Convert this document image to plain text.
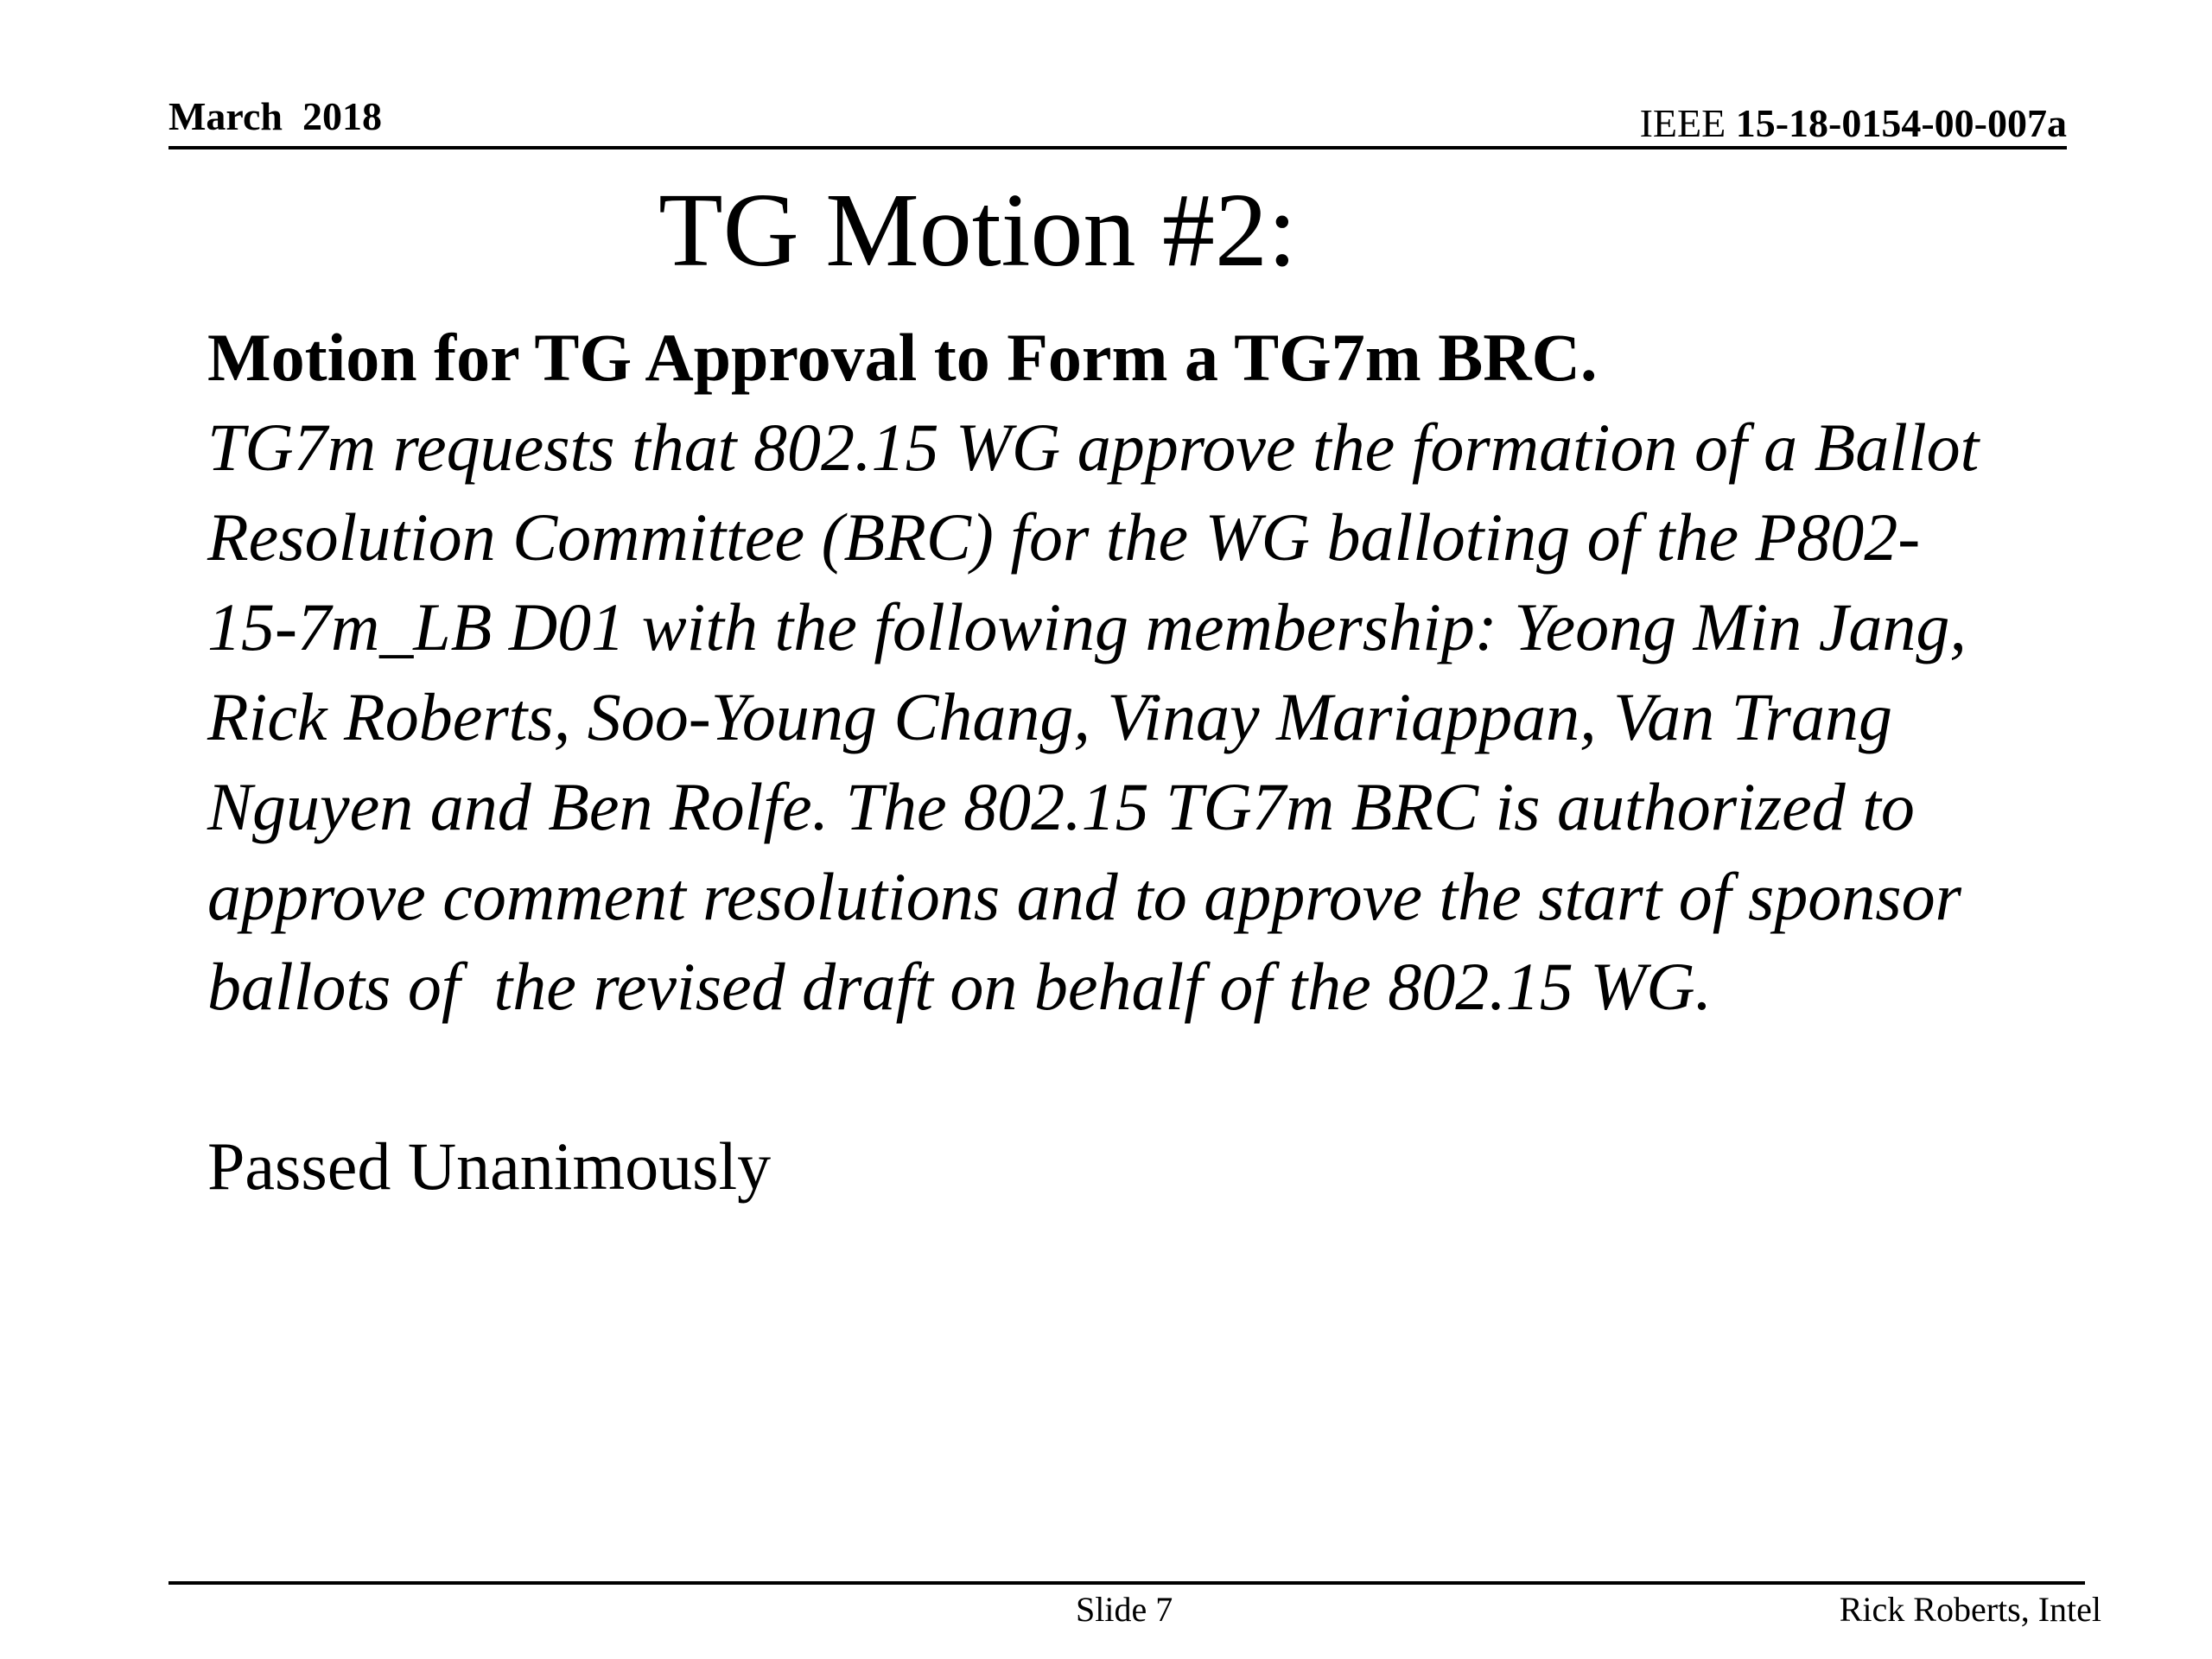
March  2018	IEEE 15-18-0154-00-007a
TG Motion #2:
Motion for TG Approval to Form a TG7m BRC.
TG7m requests that 802.15 WG approve the formation of a Ballot
Resolution Committee (BRC) for the WG balloting of the P802-
15-7m_LB D01 with the following membership: Yeong Min Jang,
Rick Roberts, Soo-Young Chang, Vinay Mariappan, Van Trang
Nguyen and Ben Rolfe. The 802.15 TG7m BRC is authorized to
approve comment resolutions and to approve the start of sponsor
ballots of  the revised draft on behalf of the 802.15 WG.
Passed Unanimously
Slide 7	Rick Roberts, Intel
